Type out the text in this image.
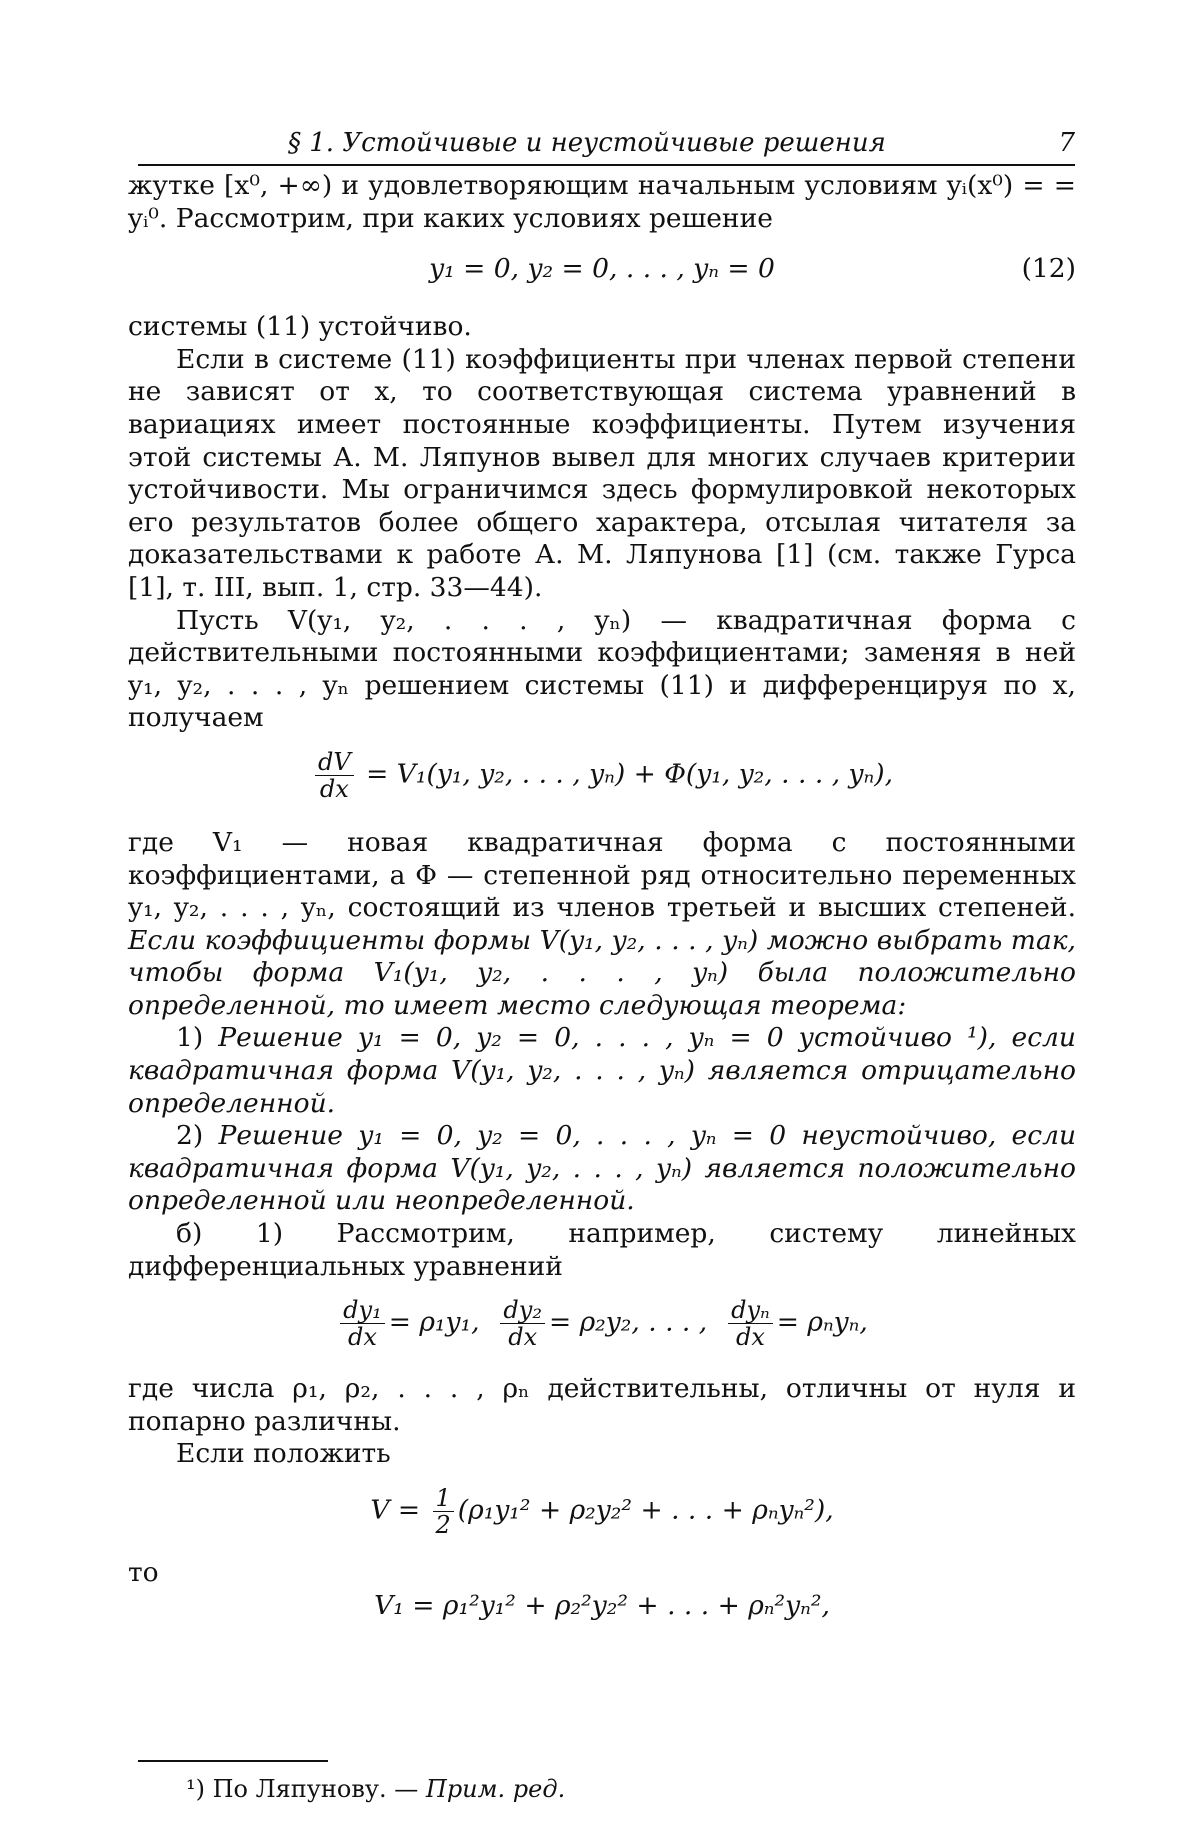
§ 1. Устойчивые и неустойчивые решения	7

жутке [x⁰, +∞) и удовлетворяющим начальным условиям yᵢ(x⁰) = = yᵢ⁰. Рассмотрим, при каких условиях решение

y₁ = 0, y₂ = 0, . . . , yₙ = 0	(12)

системы (11) устойчиво.

Если в системе (11) коэффициенты при членах первой степени не зависят от x, то соответствующая система уравнений в вариациях имеет постоянные коэффициенты. Путем изучения этой системы А. М. Ляпунов вывел для многих случаев критерии устойчивости. Мы ограничимся здесь формулировкой некоторых его результатов более общего характера, отсылая читателя за доказательствами к работе А. М. Ляпунова [1] (см. также Гурса [1], т. III, вып. 1, стр. 33—44).

Пусть V(y₁, y₂, . . . , yₙ) — квадратичная форма с действительными постоянными коэффициентами; заменяя в ней y₁, y₂, . . . , yₙ решением системы (11) и дифференцируя по x, получаем

$\frac{dV}{dx} = V_1(y_1$, y₂, . . . , yₙ) + Φ(y₁, y₂, . . . , yₙ),

где V₁ — новая квадратичная форма с постоянными коэффициентами, а Φ — степенной ряд относительно переменных y₁, y₂, . . . , yₙ, состоящий из членов третьей и высших степеней. Если коэффициенты формы V(y₁, y₂, . . . , yₙ) можно выбрать так, чтобы форма V₁(y₁, y₂, . . . , yₙ) была положительно определенной, то имеет место следующая теорема:

1) Решение y₁ = 0, y₂ = 0, . . . , yₙ = 0 устойчиво ¹), если квадратичная форма V(y₁, y₂, . . . , yₙ) является отрицательно определенной.

2) Решение y₁ = 0, y₂ = 0, . . . , yₙ = 0 неустойчиво, если квадратичная форма V(y₁, y₂, . . . , yₙ) является положительно определенной или неопределенной.

б) 1) Рассмотрим, например, систему линейных дифференциальных уравнений

$\frac{\text{dy₁}}{dx} = \rho_1y_1$, $\frac{\text{dy₂}}{dx} = \rho_2y_2$, . . . , $\frac{\text{dyₙ}}{dx} = \rho_ny_n$,

где числа ρ₁, ρ₂, . . . , ρₙ действительны, отличны от нуля и попарно различны.

Если положить

$V = \frac{1}{2} (\rho_1y_1^2 + \rho_2y_2^2$ + . . . + ρₙyₙ²),

то

V₁ = ρ₁²y₁² + ρ₂²y₂² + . . . + ρₙ²yₙ²,
¹) По Ляпунову. — Прим. ред.
